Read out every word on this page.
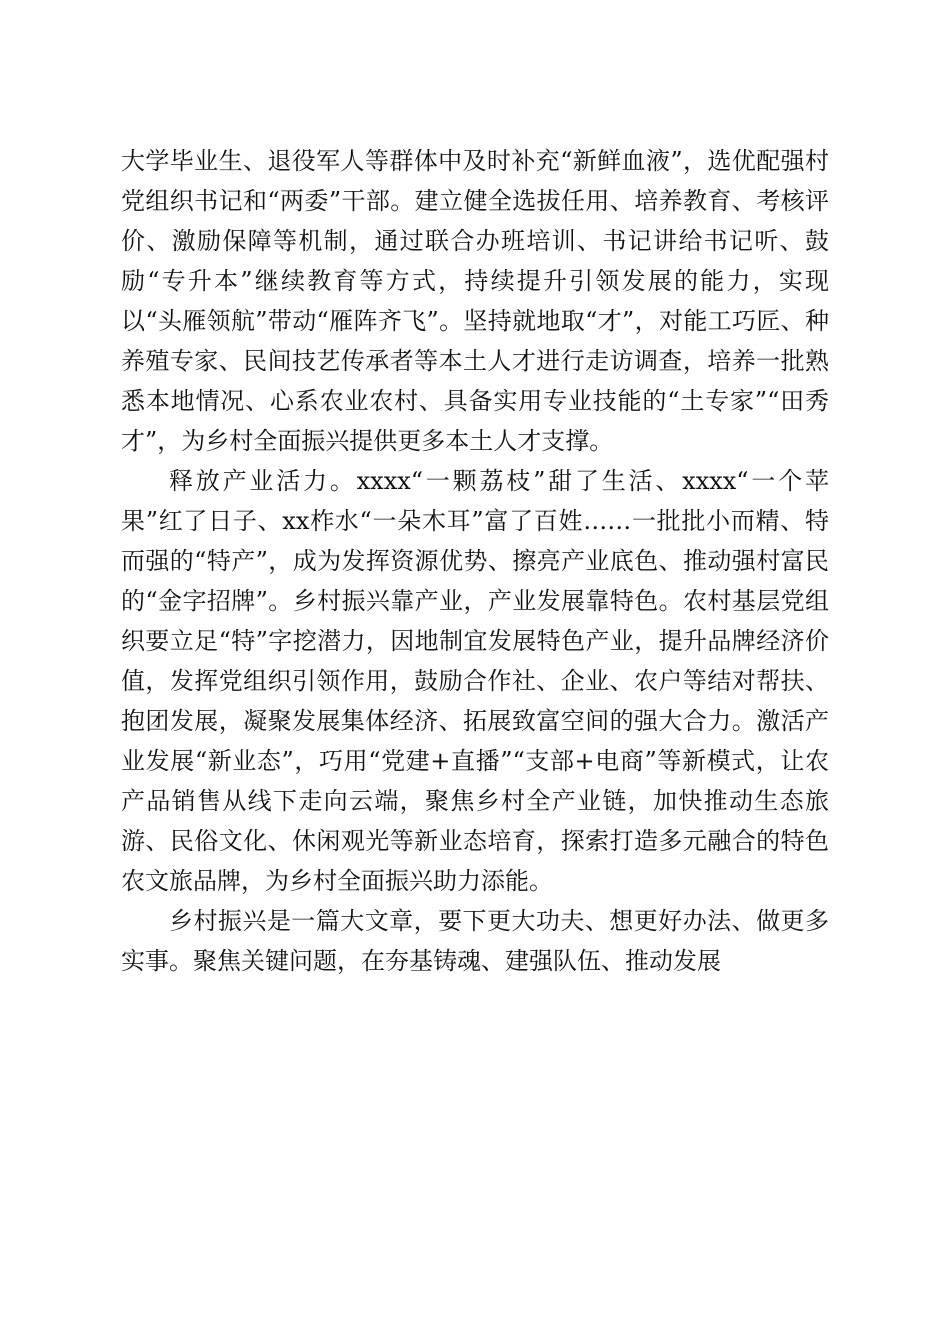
大学毕业生、退役军人等群体中及时补充“新鲜血液”，选优配强村党组织书记和“两委”干部。建立健全选拔任用、培养教育、考核评价、激励保障等机制，通过联合办班培训、书记讲给书记听、鼓励“专升本”继续教育等方式，持续提升引领发展的能力，实现以“头雁领航”带动“雁阵齐飞”。坚持就地取“才”，对能工巧匠、种养殖专家、民间技艺传承者等本土人才进行走访调查，培养一批熟悉本地情况、心系农业农村、具备实用专业技能的“土专家”“田秀才”，为乡村全面振兴提供更多本土人才支撑。

释放产业活力。xxxx“一颗荔枝”甜了生活、xxxx“一个苹果”红了日子、xx柞水“一朵木耳”富了百姓……一批批小而精、特而强的“特产”，成为发挥资源优势、擦亮产业底色、推动强村富民的“金字招牌”。乡村振兴靠产业，产业发展靠特色。农村基层党组织要立足“特”字挖潜力，因地制宜发展特色产业，提升品牌经济价值，发挥党组织引领作用，鼓励合作社、企业、农户等结对帮扶、抱团发展，凝聚发展集体经济、拓展致富空间的强大合力。激活产业发展“新业态”，巧用“党建+直播”“支部+电商”等新模式，让农产品销售从线下走向云端，聚焦乡村全产业链，加快推动生态旅游、民俗文化、休闲观光等新业态培育，探索打造多元融合的特色农文旅品牌，为乡村全面振兴助力添能。

乡村振兴是一篇大文章，要下更大功夫、想更好办法、做更多实事。聚焦关键问题，在夯基铸魂、建强队伍、推动发展
